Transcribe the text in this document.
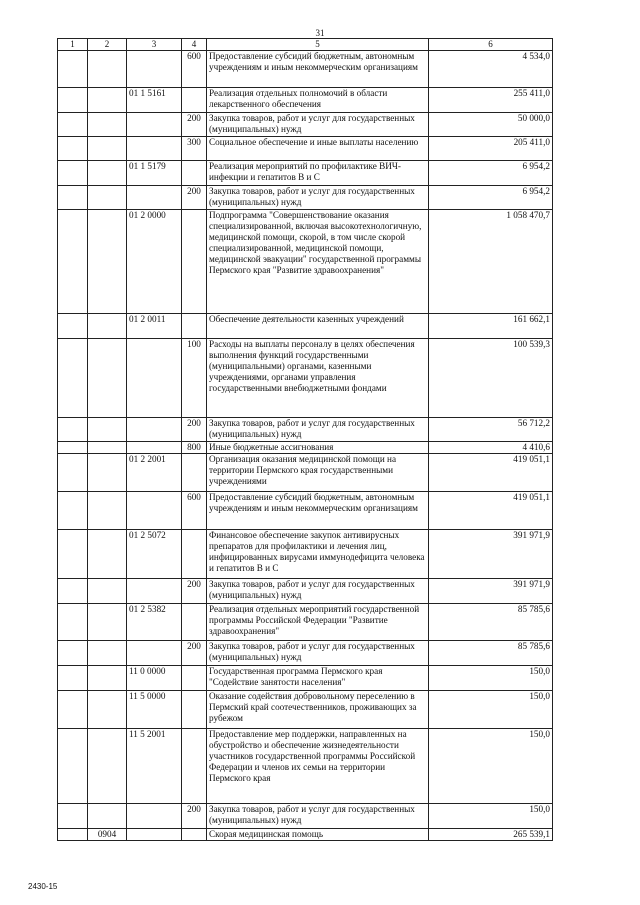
31
1	2	3	4	5	6
			600	Предоставление субсидий бюджетным, автономным учреждениям и иным некоммерческим организациям	4 534,0
		01 1 5161		Реализация отдельных полномочий в области лекарственного обеспечения	255 411,0
			200	Закупка товаров, работ и услуг для государственных (муниципальных) нужд	50 000,0
			300	Социальное обеспечение и иные выплаты населению	205 411,0
		01 1 5179		Реализация мероприятий по профилактике ВИЧ-инфекции и гепатитов В и С	6 954,2
			200	Закупка товаров, работ и услуг для государственных (муниципальных) нужд	6 954,2
		01 2 0000		Подпрограмма "Совершенствование оказания специализированной, включая высокотехнологичную, медицинской помощи, скорой, в том числе скорой специализированной, медицинской помощи, медицинской эвакуации" государственной программы Пермского края "Развитие здравоохранения"	1 058 470,7
		01 2 0011		Обеспечение деятельности казенных учреждений	161 662,1
			100	Расходы на выплаты персоналу в целях обеспечения выполнения функций государственными (муниципальными) органами, казенными учреждениями, органами управления государственными внебюджетными фондами	100 539,3
			200	Закупка товаров, работ и услуг для государственных (муниципальных) нужд	56 712,2
			800	Иные бюджетные ассигнования	4 410,6
		01 2 2001		Организация оказания медицинской помощи на территории Пермского края государственными учреждениями	419 051,1
			600	Предоставление субсидий бюджетным, автономным учреждениям и иным некоммерческим организациям	419 051,1
		01 2 5072		Финансовое обеспечение закупок антивирусных препаратов для профилактики и лечения лиц, инфицированных вирусами иммунодефицита человека и гепатитов В и С	391 971,9
			200	Закупка товаров, работ и услуг для государственных (муниципальных) нужд	391 971,9
		01 2 5382		Реализация отдельных мероприятий государственной программы Российской Федерации "Развитие здравоохранения"	85 785,6
			200	Закупка товаров, работ и услуг для государственных (муниципальных) нужд	85 785,6
		11 0 0000		Государственная программа Пермского края "Содействие занятости населения"	150,0
		11 5 0000		Оказание содействия добровольному переселению в Пермский край соотечественников, проживающих за рубежом	150,0
		11 5 2001		Предоставление мер поддержки, направленных на обустройство и обеспечение жизнедеятельности участников государственной программы Российской Федерации и членов их семьи на территории Пермского края	150,0
			200	Закупка товаров, работ и услуг для государственных (муниципальных) нужд	150,0
	0904			Скорая медицинская помощь	265 539,1
2430-15
